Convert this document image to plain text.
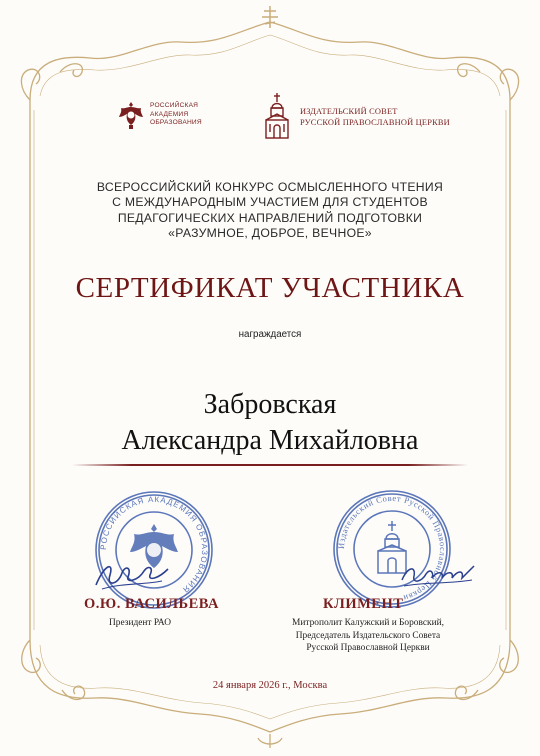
РОССИЙСКАЯ
АКАДЕМИЯ
ОБРАЗОВАНИЯ
ИЗДАТЕЛЬСКИЙ СОВЕТ
РУССКОЙ ПРАВОСЛАВНОЙ ЦЕРКВИ
ВСЕРОССИЙСКИЙ КОНКУРС ОСМЫСЛЕННОГО ЧТЕНИЯ
С МЕЖДУНАРОДНЫМ УЧАСТИЕМ ДЛЯ СТУДЕНТОВ
ПЕДАГОГИЧЕСКИХ НАПРАВЛЕНИЙ ПОДГОТОВКИ
«РАЗУМНОЕ, ДОБРОЕ, ВЕЧНОЕ»
СЕРТИФИКАТ УЧАСТНИКА
награждается
Забровская
Александра Михайловна
РОССИЙСКАЯ АКАДЕМИЯ ОБРАЗОВАНИЯ
Издательский Совет Русской Православной Церкви
О.Ю. ВАСИЛЬЕВА
Президент РАО
КЛИМЕНТ
Митрополит Калужский и Боровский,
Председатель Издательского Совета
Русской Православной Церкви
24 января 2026 г., Москва
